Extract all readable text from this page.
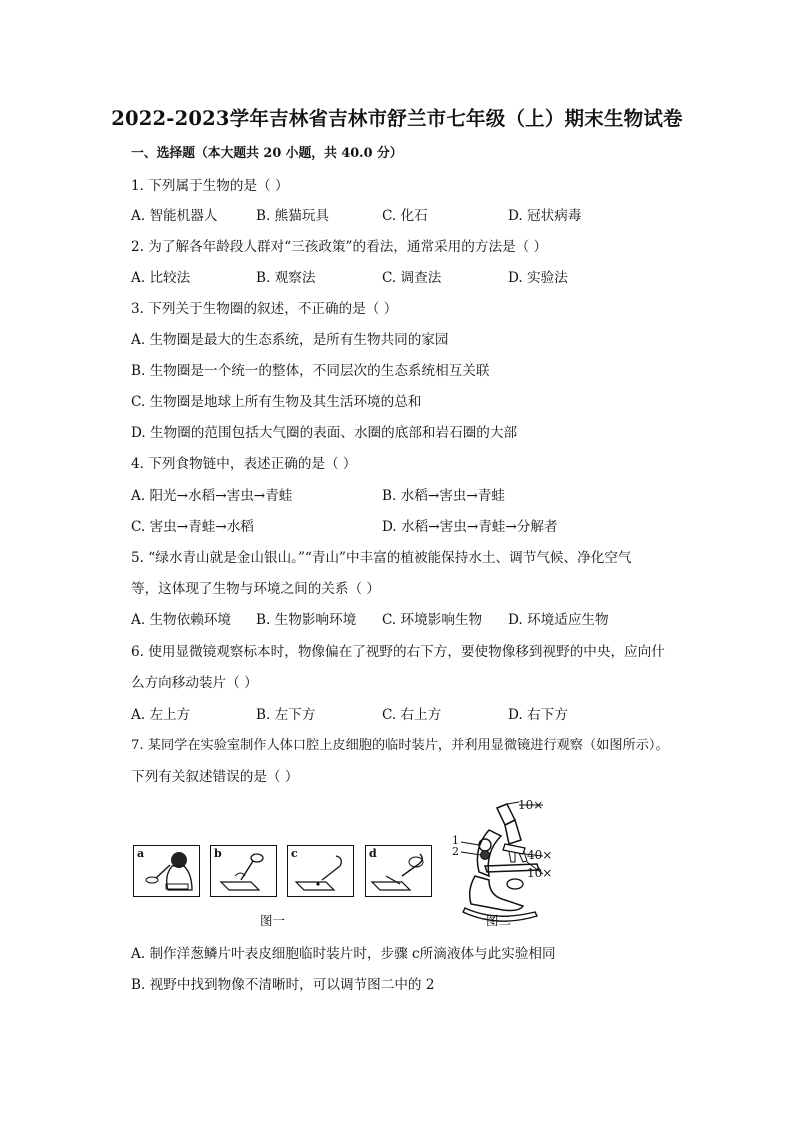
2022-2023学年吉林省吉林市舒兰市七年级（上）期末生物试卷
一、选择题（本大题共 20 小题，共 40.0 分）
1. 下列属于生物的是（ ）
A. 智能机器人	B. 熊猫玩具	C. 化石	D. 冠状病毒
2. 为了解各年龄段人群对“三孩政策”的看法，通常采用的方法是（ ）
A. 比较法	B. 观察法	C. 调查法	D. 实验法
3. 下列关于生物圈的叙述，不正确的是（ ）
A. 生物圈是最大的生态系统，是所有生物共同的家园
B. 生物圈是一个统一的整体，不同层次的生态系统相互关联
C. 生物圈是地球上所有生物及其生活环境的总和
D. 生物圈的范围包括大气圈的表面、水圈的底部和岩石圈的大部
4. 下列食物链中，表述正确的是（ ）
A. 阳光→水稻→害虫→青蛙	B. 水稻→害虫→青蛙
C. 害虫→青蛙→水稻	D. 水稻→害虫→青蛙→分解者
5. “绿水青山就是金山银山。”“青山”中丰富的植被能保持水土、调节气候、净化空气
等，这体现了生物与环境之间的关系（ ）
A. 生物依赖环境 B. 生物影响环境 C. 环境影响生物 D. 环境适应生物
6. 使用显微镜观察标本时，物像偏在了视野的右下方，要使物像移到视野的中央，应向什
么方向移动装片（ ）
A. 左上方	B. 左下方	C. 右上方	D. 右下方
7. 某同学在实验室制作人体口腔上皮细胞的临时装片，并利用显微镜进行观察（如图所示）。
下列有关叙述错误的是（ ）
a	b	c	d
图一
10×
1
2	40×
10×
图二
A. 制作洋葱鳞片叶表皮细胞临时装片时，步骤 c所滴液体与此实验相同
B. 视野中找到物像不清晰时，可以调节图二中的 2
